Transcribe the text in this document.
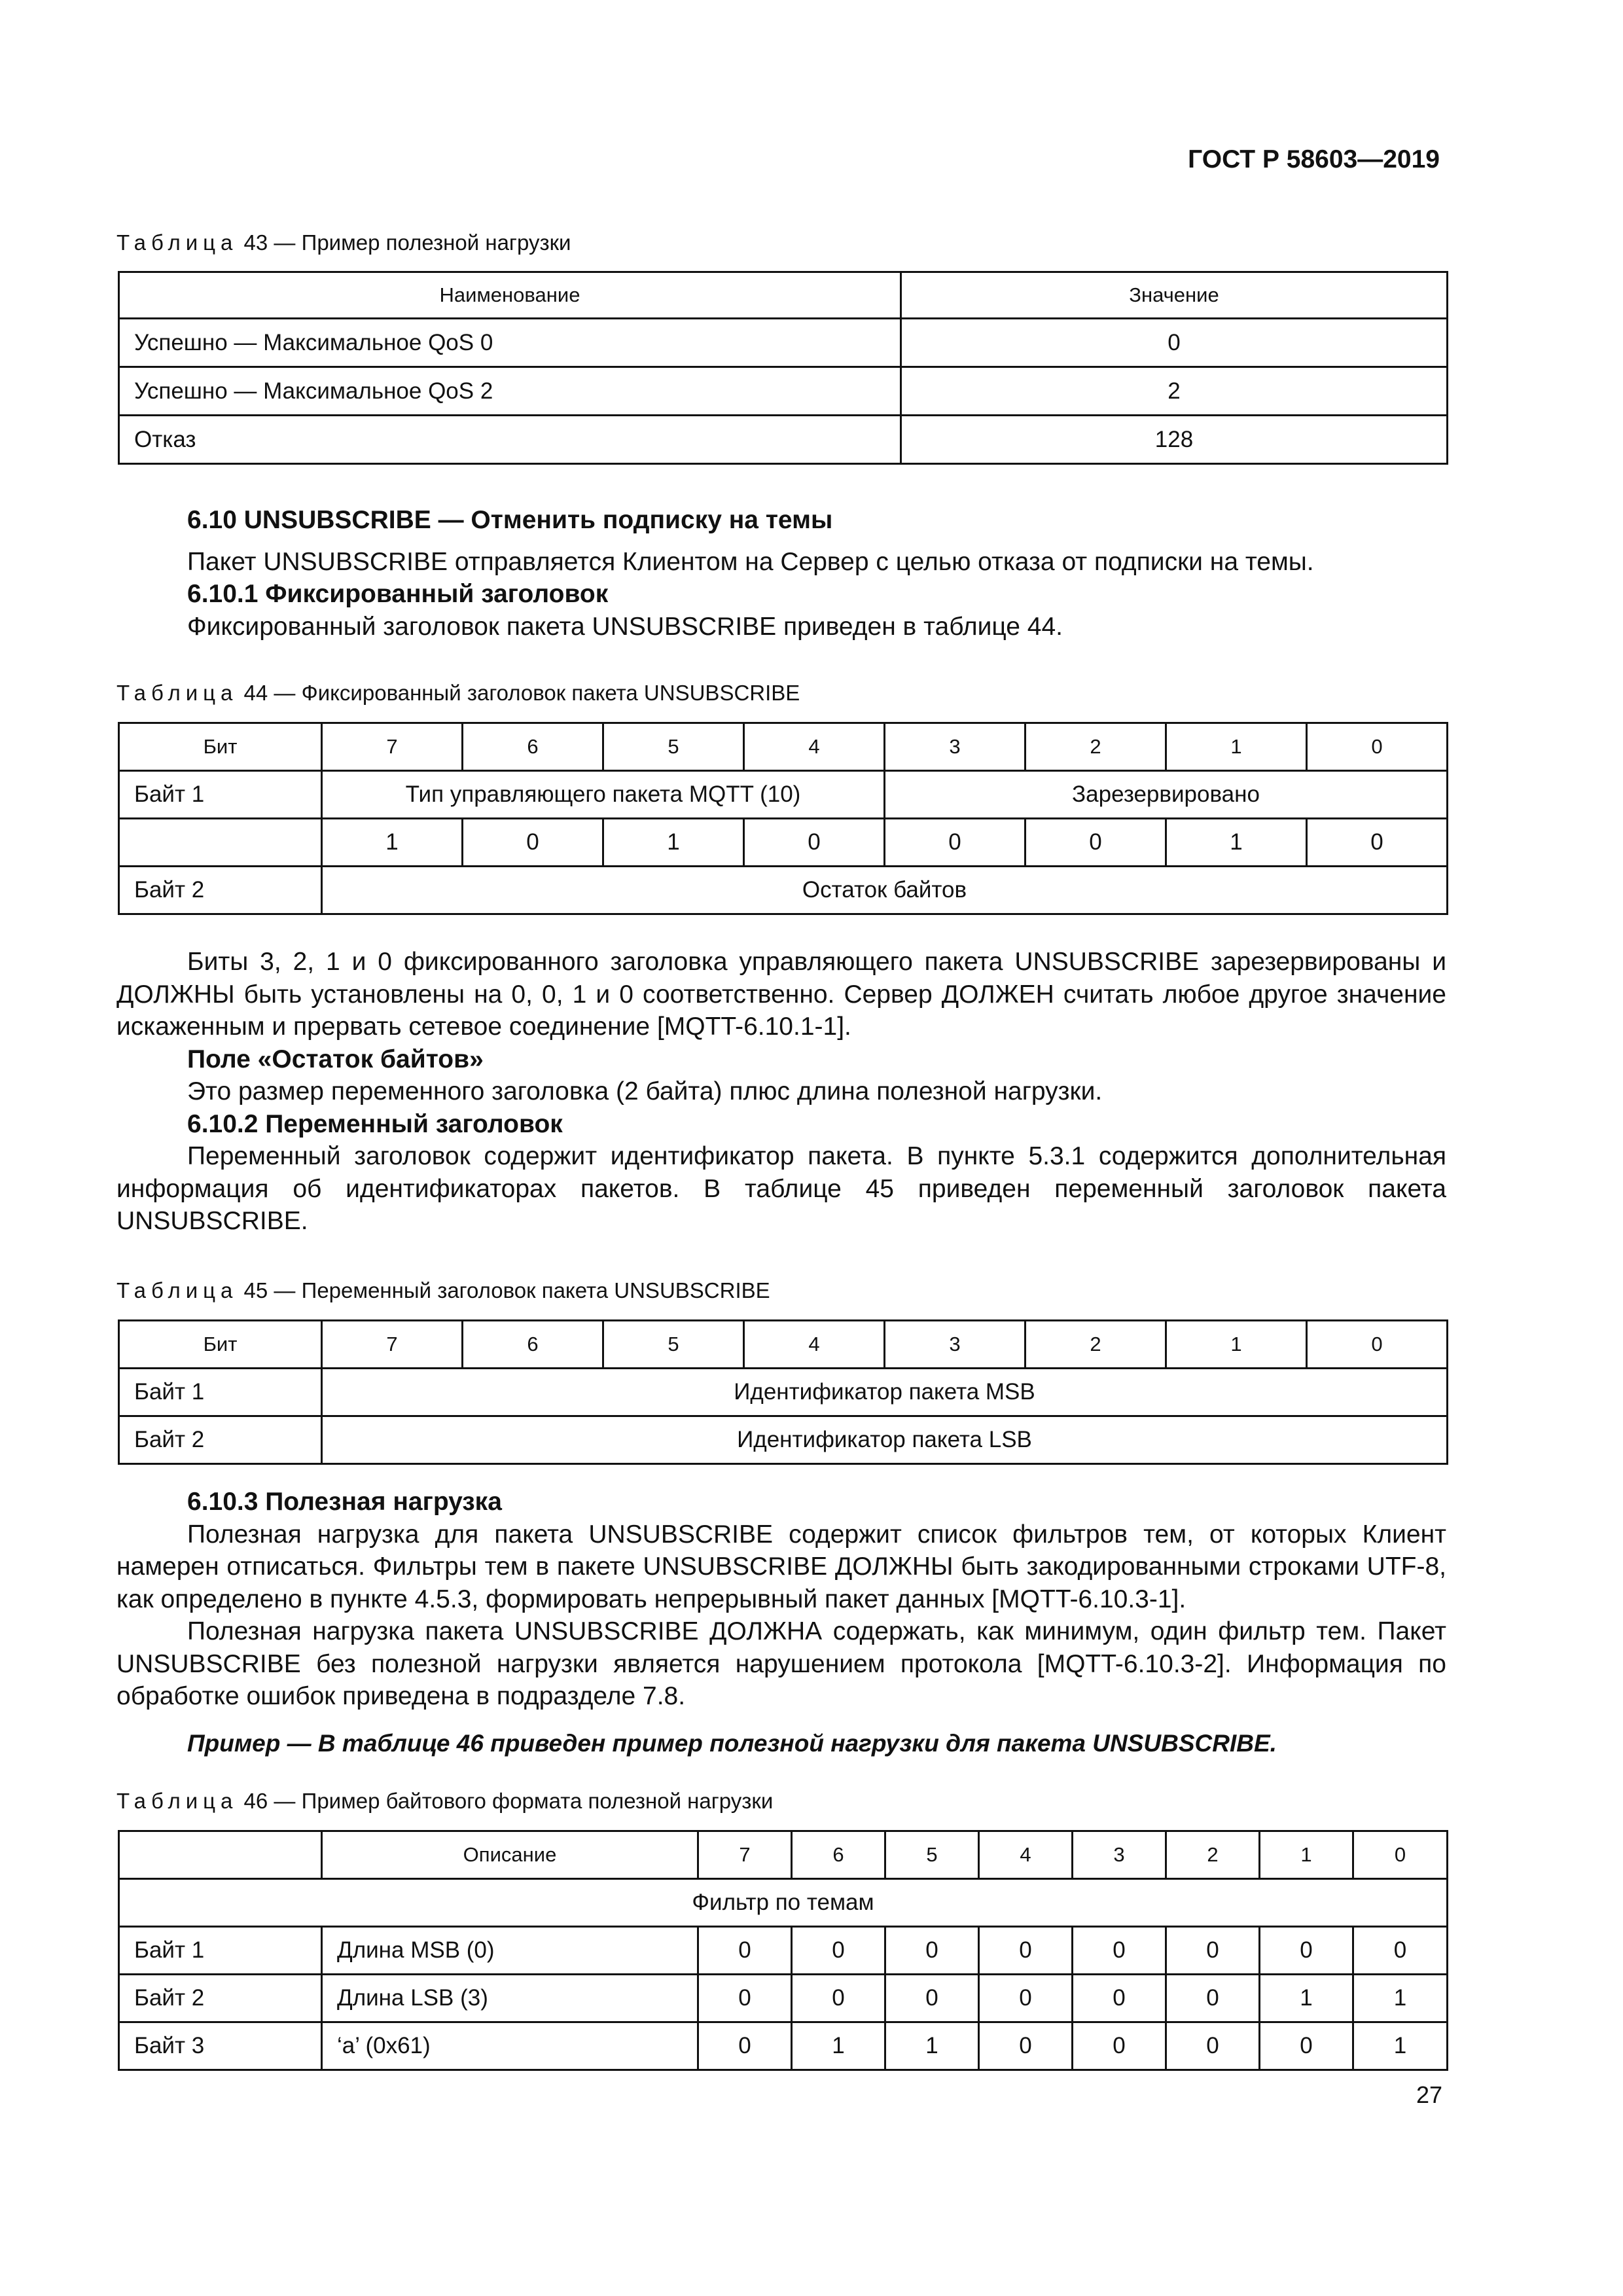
ГОСТ Р 58603—2019
Таблица 43 — Пример полезной нагрузки
Наименование	Значение
Успешно — Максимальное QoS 0	0
Успешно — Максимальное QoS 2	2
Отказ	128
6.10 UNSUBSCRIBE — Отменить подписку на темы
Пакет UNSUBSCRIBE отправляется Клиентом на Сервер с целью отказа от подписки на темы.
6.10.1 Фиксированный заголовок
Фиксированный заголовок пакета UNSUBSCRIBE приведен в таблице 44.
Таблица 44 — Фиксированный заголовок пакета UNSUBSCRIBE
Бит	7	6	5	4	3	2	1	0
Байт 1	Тип управляющего пакета MQTT (10)				Зарезервировано			
	1	0	1	0	0	0	1	0
Байт 2	Остаток байтов							
Биты 3, 2, 1 и 0 фиксированного заголовка управляющего пакета UNSUBSCRIBE зарезервированы и ДОЛЖНЫ быть установлены на 0, 0, 1 и 0 соответственно. Сервер ДОЛЖЕН считать любое другое значение искаженным и прервать сетевое соединение [MQTT-6.10.1-1].
Поле «Остаток байтов»
Это размер переменного заголовка (2 байта) плюс длина полезной нагрузки.
6.10.2 Переменный заголовок
Переменный заголовок содержит идентификатор пакета. В пункте 5.3.1 содержится дополнительная информация об идентификаторах пакетов. В таблице 45 приведен переменный заголовок пакета UNSUBSCRIBE.
Таблица 45 — Переменный заголовок пакета UNSUBSCRIBE
Бит	7	6	5	4	3	2	1	0
Байт 1	Идентификатор пакета MSB							
Байт 2	Идентификатор пакета LSB							
6.10.3 Полезная нагрузка
Полезная нагрузка для пакета UNSUBSCRIBE содержит список фильтров тем, от которых Клиент намерен отписаться. Фильтры тем в пакете UNSUBSCRIBE ДОЛЖНЫ быть закодированными строками UTF-8, как определено в пункте 4.5.3, формировать непрерывный пакет данных [MQTT-6.10.3-1].
Полезная нагрузка пакета UNSUBSCRIBE ДОЛЖНА содержать, как минимум, один фильтр тем. Пакет UNSUBSCRIBE без полезной нагрузки является нарушением протокола [MQTT-6.10.3-2]. Информация по обработке ошибок приведена в подразделе 7.8.
Пример — В таблице 46 приведен пример полезной нагрузки для пакета UNSUBSCRIBE.
Таблица 46 — Пример байтового формата полезной нагрузки
	Описание	7	6	5	4	3	2	1	0
Фильтр по темам									
Байт 1	Длина MSB (0)	0	0	0	0	0	0	0	0
Байт 2	Длина LSB (3)	0	0	0	0	0	0	1	1
Байт 3	‘a’ (0x61)	0	1	1	0	0	0	0	1
27
